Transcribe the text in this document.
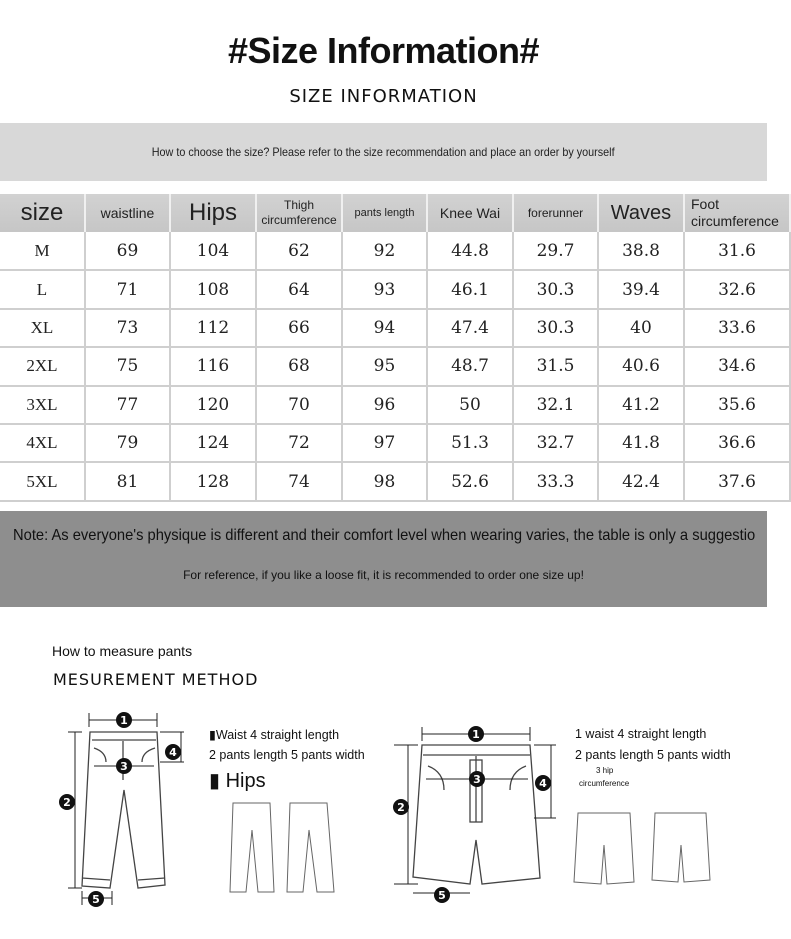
#Size Information#
SIZE INFORMATION
How to choose the size? Please refer to the size recommendation and place an order by yourself
size	waistline	Hips	Thigh circumference	pants length	Knee Wai	forerunner	Waves	Foot circumference
M	69	104	62	92	44.8	29.7	38.8	31.6
L	71	108	64	93	46.1	30.3	39.4	32.6
XL	73	112	66	94	47.4	30.3	40	33.6
2XL	75	116	68	95	48.7	31.5	40.6	34.6
3XL	77	120	70	96	50	32.1	41.2	35.6
4XL	79	124	72	97	51.3	32.7	41.8	36.6
5XL	81	128	74	98	52.6	33.3	42.4	37.6
Note: As everyone's physique is different and their comfort level when wearing varies, the table is only a suggestio
For reference, if you like a loose fit, it is recommended to order one size up!
How to measure pants
MESUREMENT METHOD
▮Waist 4 straight length
2 pants length 5 pants width
▮ Hips
1 waist 4 straight length
2 pants length 5 pants width
3 hip
circumference
1
2
3
4
5
1
2
3	4
5
